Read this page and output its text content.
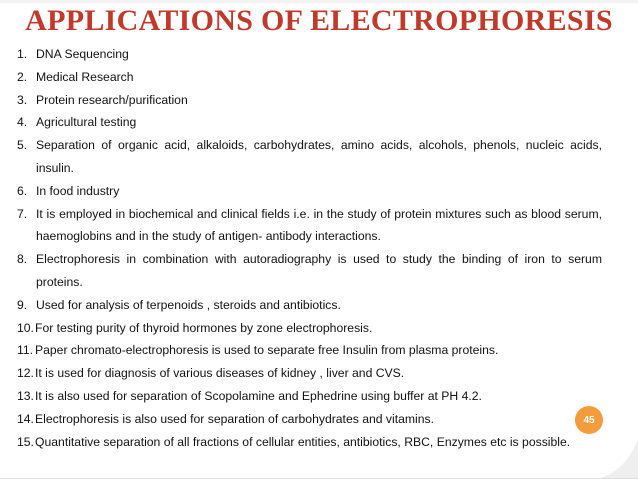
APPLICATIONS OF ELECTROPHORESIS
1. DNA Sequencing
2. Medical Research
3. Protein research/purification
4. Agricultural testing
5. Separation of organic acid, alkaloids, carbohydrates, amino acids, alcohols, phenols, nucleic acids, insulin.
6. In food industry
7. It is employed in biochemical and clinical fields i.e. in the study of protein mixtures such as blood serum, haemoglobins and in the study of antigen- antibody interactions.
8. Electrophoresis in combination with autoradiography is used to study the binding of iron to serum proteins.
9. Used for analysis of terpenoids , steroids and antibiotics.
10. For testing purity of thyroid hormones by zone electrophoresis.
11. Paper chromato-electrophoresis is used to separate free Insulin from plasma proteins.
12. It is used for diagnosis of various diseases of kidney , liver and CVS.
13. It is also used for separation of Scopolamine and Ephedrine using buffer at PH 4.2.
14. Electrophoresis is also used for separation of carbohydrates and vitamins.
15. Quantitative separation of all fractions of cellular entities, antibiotics, RBC, Enzymes etc is possible.
45
